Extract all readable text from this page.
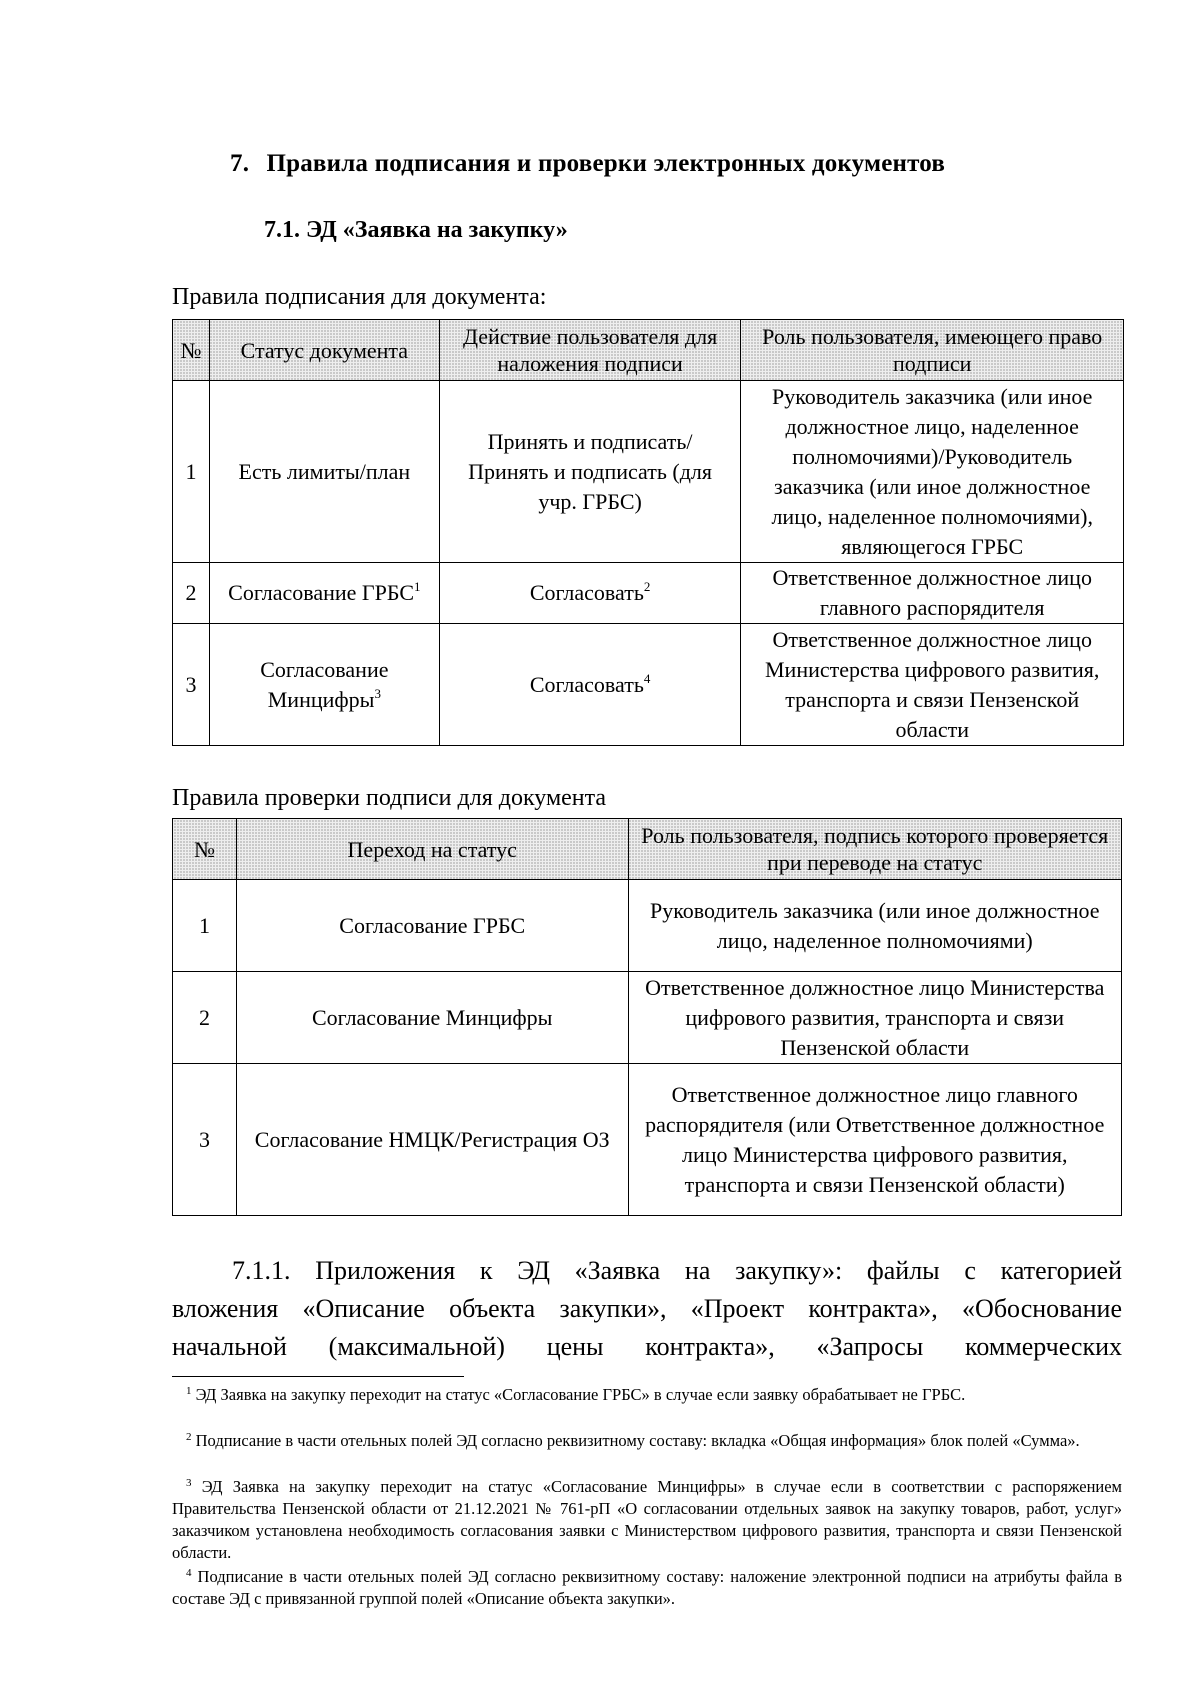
7. Правила подписания и проверки электронных документов
7.1. ЭД «Заявка на закупку»
Правила подписания для документа:
№	Статус документа	Действие пользователя для наложения подписи	Роль пользователя, имеющего право подписи
1	Есть лимиты/план	Принять и подписать/Принять и подписать (для учр. ГРБС)	Руководитель заказчика (или иное должностное лицо, наделенное полномочиями)/Руководитель заказчика (или иное должностное лицо, наделенное полномочиями), являющегося ГРБС
2	Согласование ГРБС$^1$	Согласовать$^2$	Ответственное должностное лицо главного распорядителя
3	Согласование Минцифры$^3$	Согласовать$^4$	Ответственное должностное лицо Министерства цифрового развития, транспорта и связи Пензенской области
Правила проверки подписи для документа
№	Переход на статус	Роль пользователя, подпись которого проверяется при переводе на статус
1	Согласование ГРБС	Руководитель заказчика (или иное должностное лицо, наделенное полномочиями)
2	Согласование Минцифры	Ответственное должностное лицо Министерства цифрового развития, транспорта и связи Пензенской области
3	Согласование НМЦК/Регистрация ОЗ	Ответственное должностное лицо главного распорядителя (или Ответственное должностное лицо Министерства цифрового развития, транспорта и связи Пензенской области)
7.1.1. Приложения к ЭД «Заявка на закупку»: файлы с категорией
вложения «Описание объекта закупки», «Проект контракта», «Обоснование
начальной (максимальной) цены контракта», «Запросы коммерческих
$^1$ ЭД Заявка на закупку переходит на статус «Согласование ГРБС» в случае если заявку обрабатывает не ГРБС.
$^2$ Подписание в части отельных полей ЭД согласно реквизитному составу: вкладка «Общая информация» блок полей «Сумма».
$^3$ ЭД Заявка на закупку переходит на статус «Согласование Минцифры» в случае если в соответствии с распоряжением Правительства Пензенской области от 21.12.2021 № 761-рП «О согласовании отдельных заявок на закупку товаров, работ, услуг» заказчиком установлена необходимость согласования заявки с Министерством цифрового развития, транспорта и связи Пензенской области.
$^4$ Подписание в части отельных полей ЭД согласно реквизитному составу: наложение электронной подписи на атрибуты файла в составе ЭД с привязанной группой полей «Описание объекта закупки».
